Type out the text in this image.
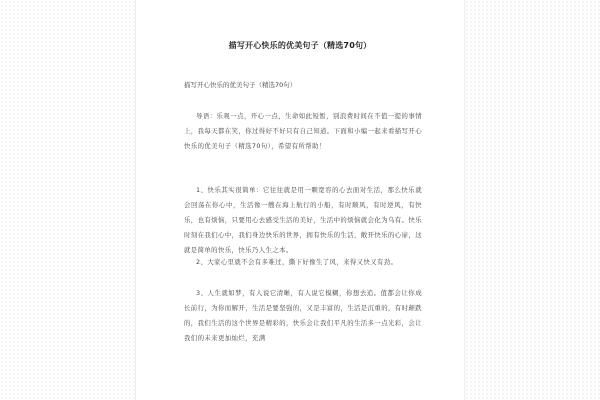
描写开心快乐的优美句子（精选70句）
描写开心快乐的优美句子（精选70句）
导语：乐观一点，开心一点，生命如此短暂，别浪费时间在不值一提的事情上，我每天都在笑，你过得好不好只有自己知道。下面和小编一起来看描写开心快乐的优美句子（精选70句），希望有所帮助！
1、快乐其实很简单：它往往就是用一颗宽容的心去面对生活，那么快乐就会回荡在你心中，生活像一艘在海上航行的小船，有时顺风，有时逆风，有快乐，也有烦恼，只要用心去感受生活的美好，生活中的烦恼就会化为乌有。快乐时刻在我们心中，我们身边快乐的世界，拥有快乐的生活，敞开快乐的心扉，这就是简单的快乐，快乐乃人生之本。
2、大家心里就不会有多难过，撕下好像生了风，来得又快又有劲。
3、人生就如梦，有人说它清晰，有人说它模糊，你想去追。值都会让你成长前行，为你而解开，生活是要坚强的，又是丰富的，生活是沉重的，有时颠跌的，我们生活的这个世界是精彩的，快乐会让我们平凡的生活多一点光彩，会让我们的未来更加灿烂，充满
